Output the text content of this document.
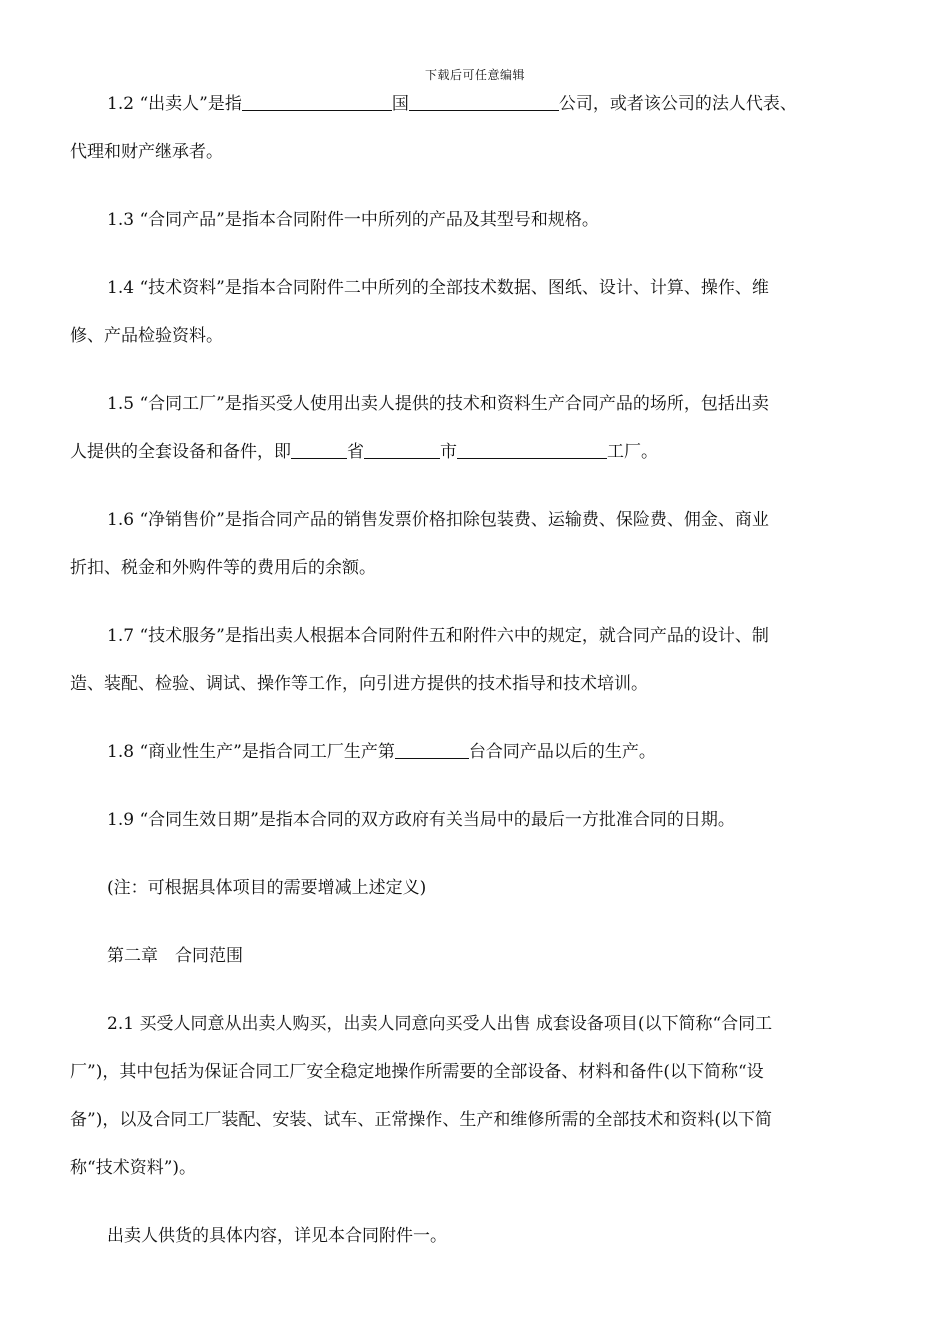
下载后可任意编辑
1.2 “出卖人”是指	国	公司，或者该公司的法人代表、
代理和财产继承者。
1.3 “合同产品”是指本合同附件一中所列的产品及其型号和规格。
1.4 “技术资料”是指本合同附件二中所列的全部技术数据、图纸、设计、计算、操作、维
修、产品检验资料。
1.5 “合同工厂”是指买受人使用出卖人提供的技术和资料生产合同产品的场所，包括出卖
人提供的全套设备和备件，即	省	市	工厂。
1.6 “净销售价”是指合同产品的销售发票价格扣除包装费、运输费、保险费、佣金、商业
折扣、税金和外购件等的费用后的余额。
1.7 “技术服务”是指出卖人根据本合同附件五和附件六中的规定，就合同产品的设计、制
造、装配、检验、调试、操作等工作，向引进方提供的技术指导和技术培训。
1.8 “商业性生产”是指合同工厂生产第	台合同产品以后的生产。
1.9 “合同生效日期”是指本合同的双方政府有关当局中的最后一方批准合同的日期。
(注：可根据具体项目的需要增减上述定义)
第二章　合同范围
2.1 买受人同意从出卖人购买，出卖人同意向买受人出售 成套设备项目(以下简称“合同工
厂”)，其中包括为保证合同工厂安全稳定地操作所需要的全部设备、材料和备件(以下简称“设
备”)，以及合同工厂装配、安装、试车、正常操作、生产和维修所需的全部技术和资料(以下简
称“技术资料”)。
出卖人供货的具体内容，详见本合同附件一。
